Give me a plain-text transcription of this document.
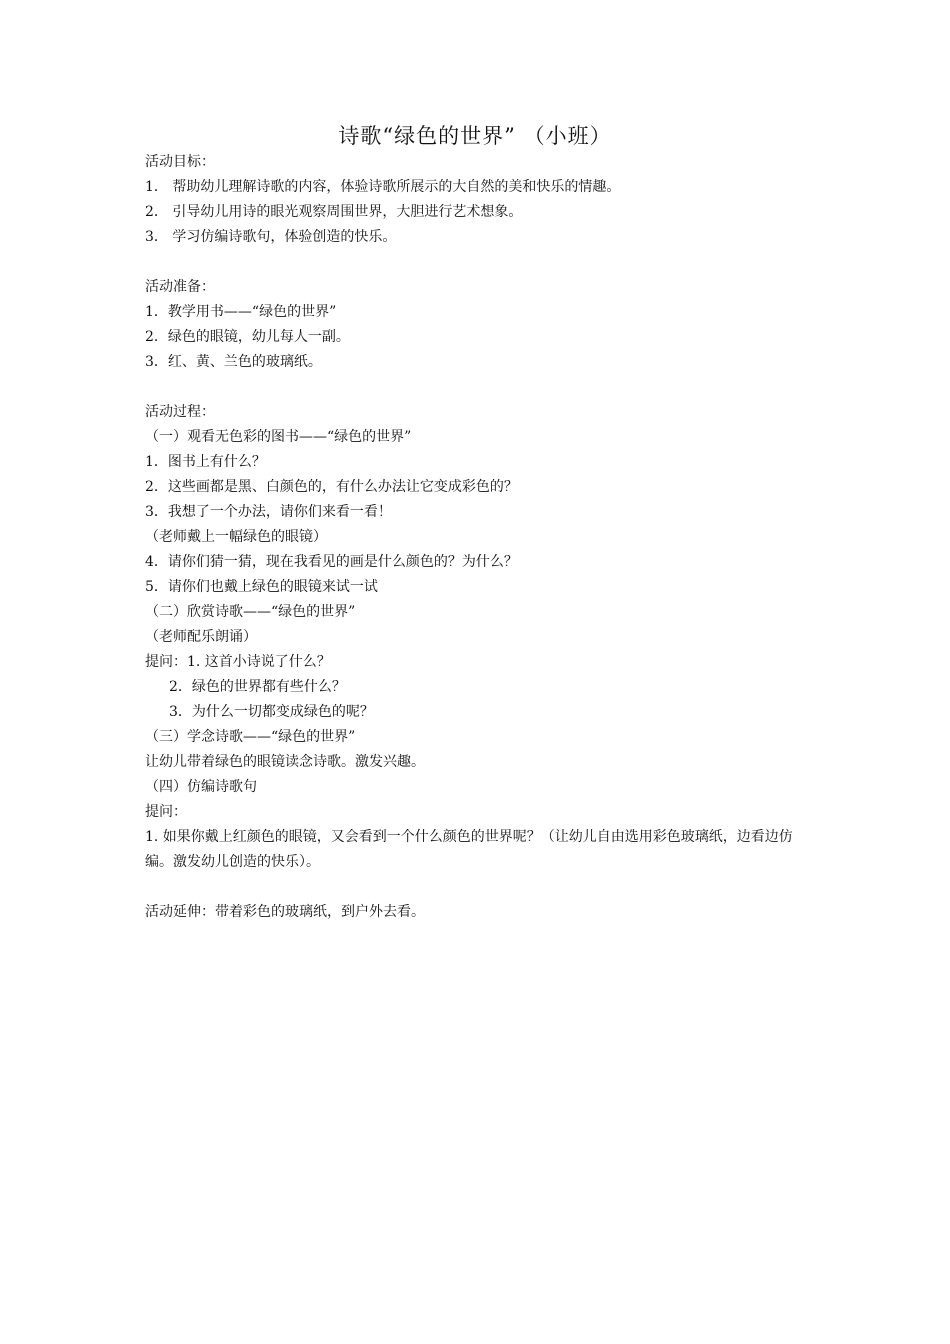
诗歌“绿色的世界” （小班）
活动目标：
1． 帮助幼儿理解诗歌的内容，体验诗歌所展示的大自然的美和快乐的情趣。
2． 引导幼儿用诗的眼光观察周围世界，大胆进行艺术想象。
3． 学习仿编诗歌句，体验创造的快乐。
活动准备：
1．教学用书——“绿色的世界”
2．绿色的眼镜，幼儿每人一副。
3．红、黄、兰色的玻璃纸。
活动过程：
（一）观看无色彩的图书——“绿色的世界”
1．图书上有什么？
2．这些画都是黑、白颜色的，有什么办法让它变成彩色的？
3．我想了一个办法，请你们来看一看！
（老师戴上一幅绿色的眼镜）
4．请你们猜一猜，现在我看见的画是什么颜色的？为什么？
5．请你们也戴上绿色的眼镜来试一试
（二）欣赏诗歌——“绿色的世界”
（老师配乐朗诵）
提问：1. 这首小诗说了什么？
2．绿色的世界都有些什么？
3．为什么一切都变成绿色的呢？
（三）学念诗歌——“绿色的世界”
让幼儿带着绿色的眼镜读念诗歌。激发兴趣。
（四）仿编诗歌句
提问：
1. 如果你戴上红颜色的眼镜，又会看到一个什么颜色的世界呢？（让幼儿自由选用彩色玻璃纸，边看边仿编。激发幼儿创造的快乐）。
活动延伸：带着彩色的玻璃纸，到户外去看。
